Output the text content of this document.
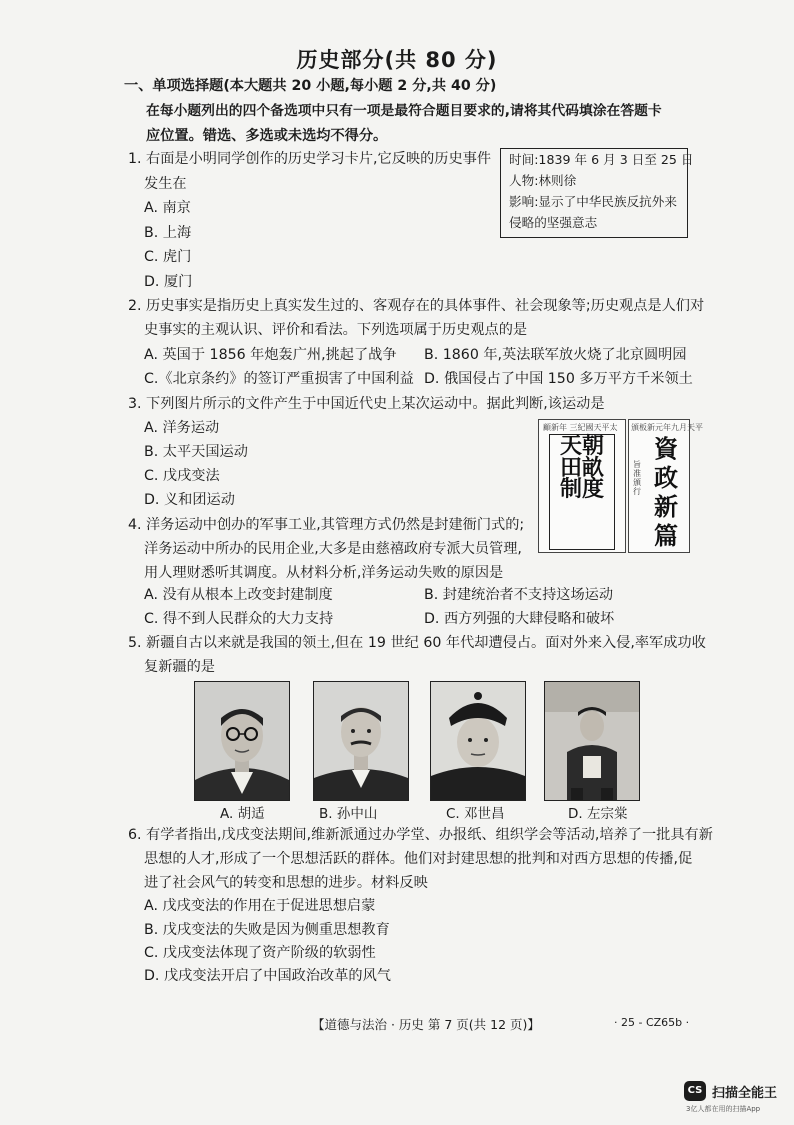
历史部分(共 80 分)
一、单项选择题(本大题共 20 小题,每小题 2 分,共 40 分)
在每小题列出的四个备选项中只有一项是最符合题目要求的,请将其代码填涂在答题卡
应位置。错选、多选或未选均不得分。
1. 右面是小明同学创作的历史学习卡片,它反映的历史事件
发生在
A. 南京
B. 上海
C. 虎门
D. 厦门
时间:1839 年 6 月 3 日至 25 日
人物:林则徐
影响:显示了中华民族反抗外来
侵略的坚强意志
2. 历史事实是指历史上真实发生过的、客观存在的具体事件、社会现象等;历史观点是人们对
史事实的主观认识、评价和看法。下列选项属于历史观点的是
A. 英国于 1856 年炮轰广州,挑起了战争 B. 1860 年,英法联军放火烧了北京圆明园
C.《北京条约》的签订严重损害了中国利益 D. 俄国侵占了中国 150 多万平方千米领土
3. 下列图片所示的文件产生于中国近代史上某次运动中。据此判断,该运动是
A. 洋务运动
B. 太平天国运动
C. 戊戌变法
D. 义和团运动
顧新年 三紀國天平太
天朝田畝制度
頒板新元年九月天平
旨准頒行
資政新篇
4. 洋务运动中创办的军事工业,其管理方式仍然是封建衙门式的;
洋务运动中所办的民用企业,大多是由慈禧政府专派大员管理,
用人理财悉听其调度。从材料分析,洋务运动失败的原因是
A. 没有从根本上改变封建制度	B. 封建统治者不支持这场运动
C. 得不到人民群众的大力支持	D. 西方列强的大肆侵略和破坏
5. 新疆自古以来就是我国的领土,但在 19 世纪 60 年代却遭侵占。面对外来入侵,率军成功收
复新疆的是
A. 胡适	B. 孙中山	C. 邓世昌	D. 左宗棠
6. 有学者指出,戊戌变法期间,维新派通过办学堂、办报纸、组织学会等活动,培养了一批具有新
思想的人才,形成了一个思想活跃的群体。他们对封建思想的批判和对西方思想的传播,促
进了社会风气的转变和思想的进步。材料反映
A. 戊戌变法的作用在于促进思想启蒙
B. 戊戌变法的失败是因为侧重思想教育
C. 戊戌变法体现了资产阶级的软弱性
D. 戊戌变法开启了中国政治改革的风气
【道德与法治 · 历史 第 7 页(共 12 页)】	· 25 - CZ65b ·
CS 扫描全能王
3亿人都在用的扫描App
